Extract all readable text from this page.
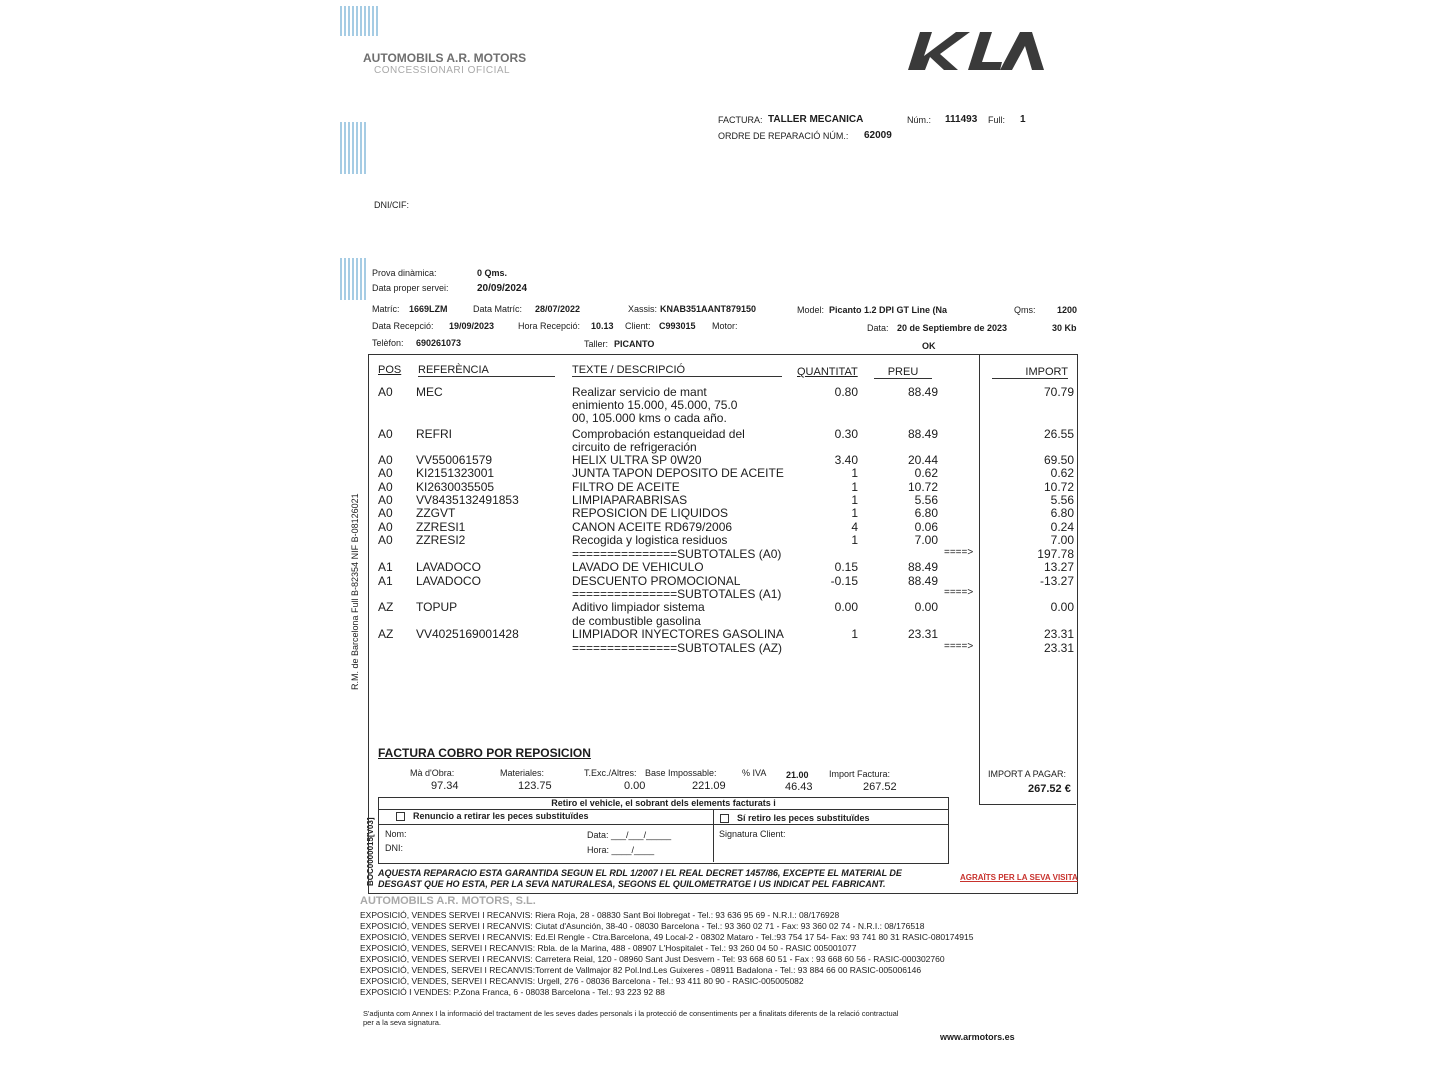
AUTOMOBILS A.R. MOTORS
CONCESSIONARI OFICIAL
FACTURA: TALLER MECANICA	Núm.: 111493 Full: 1
ORDRE DE REPARACIÓ NÚM.: 62009
DNI/CIF:
Prova dinàmica:	0 Qms.
Data proper servei:	20/09/2024
Matríc: 1669LZM	Data Matríc: 28/07/2022	Xassis: KNAB351AANT879150	Model: Picanto 1.2 DPI GT Line (Na	Qms: 1200
Data Recepció: 19/09/2023	Hora Recepció: 10.13 Client: C993015 Motor:	Data: 20 de Septiembre de 2023	30 Kb
Telèfon: 690261073	Taller: PICANTO	OK
R.M. de Barcelona Full B-82354 NIF B-08126021
BOC0000015[V03]
POS REFERÈNCIA	TEXTE / DESCRIPCIÓ	QUANTITAT	PREU	IMPORT
A0 MEC	Realizar servicio de mant	0.80	88.49	70.79
enimiento 15.000, 45.000, 75.0
00, 105.000 kms o cada año.
A0 REFRI	Comprobación estanqueidad del	0.30	88.49	26.55
circuito de refrigeración
A0 VV550061579	HELIX ULTRA SP 0W20	3.40	20.44	69.50
A0 KI2151323001	JUNTA TAPON DEPOSITO DE ACEITE	1	0.62	0.62
A0 KI2630035505	FILTRO DE ACEITE	1	10.72	10.72
A0 VV8435132491853	LIMPIAPARABRISAS	1	5.56	5.56
A0 ZZGVT	REPOSICION DE LIQUIDOS	1	6.80	6.80
A0 ZZRESI1	CANON ACEITE RD679/2006	4	0.06	0.24
A0 ZZRESI2	Recogida y logistica residuos	1	7.00	7.00
===============SUBTOTALES (A0)	====>	197.78
A1 LAVADOCO	LAVADO DE VEHICULO	0.15	88.49	13.27
A1 LAVADOCO	DESCUENTO PROMOCIONAL	-0.15	88.49	-13.27
===============SUBTOTALES (A1)	====>
AZ TOPUP	Aditivo limpiador sistema	0.00	0.00	0.00
de combustible gasolina
AZ VV4025169001428	LIMPIADOR INYECTORES GASOLINA	1	23.31	23.31
===============SUBTOTALES (AZ)	====>	23.31
FACTURA COBRO POR REPOSICION
Mà d'Obra:
97.34
Materiales:
123.75
T.Exc./Altres:
0.00
Base Impossable:
221.09
% IVA 21.00
46.43
Import Factura:
267.52
IMPORT A PAGAR:
267.52 €
Retiro el vehicle, el sobrant dels elements facturats i
Renuncio a retirar les peces substituïdes	Sí retiro les peces substituïdes
Nom:
DNI:
Data: ___/___/_____
Hora: ____/____
Signatura Client:
AQUESTA REPARACIO ESTA GARANTIDA SEGUN EL RDL 1/2007 I EL REAL DECRET 1457/86, EXCEPTE EL MATERIAL DE
DESGAST QUE HO ESTA, PER LA SEVA NATURALESA, SEGONS EL QUILOMETRATGE I US INDICAT PEL FABRICANT.
AGRAÏTS PER LA SEVA VISITA
AUTOMOBILS A.R. MOTORS, S.L.
EXPOSICIÓ, VENDES SERVEI I RECANVIS: Riera Roja, 28 - 08830 Sant Boi llobregat - Tel.: 93 636 95 69 - N.R.I.: 08/176928
EXPOSICIÓ, VENDES SERVEI I RECANVIS: Ciutat d'Asunción, 38-40 - 08030 Barcelona - Tel.: 93 360 02 71 - Fax: 93 360 02 74 - N.R.I.: 08/176518
EXPOSICIÓ, VENDES SERVEI I RECANVIS: Ed.El Rengle - Ctra.Barcelona, 49 Local-2 - 08302 Mataro - Tel.:93 754 17 54- Fax: 93 741 80 31 RASIC-080174915
EXPOSICIÓ, VENDES, SERVEI I RECANVIS: Rbla. de la Marina, 488 - 08907 L'Hospitalet - Tel.: 93 260 04 50 - RASIC 005001077
EXPOSICIÓ, VENDES SERVEI I RECANVIS: Carretera Reial, 120 - 08960 Sant Just Desvern - Tel: 93 668 60 51 - Fax : 93 668 60 56 - RASIC-000302760
EXPOSICIÓ, VENDES, SERVEI I RECANVIS:Torrent de Vallmajor 82 Pol.Ind.Les Guixeres - 08911 Badalona - Tel.: 93 884 66 00 RASIC-005006146
EXPOSICIÓ, VENDES, SERVEI I RECANVIS: Urgell, 276 - 08036 Barcelona - Tel.: 93 411 80 90 - RASIC-005005082
EXPOSICIÓ I VENDES: P.Zona Franca, 6 - 08038 Barcelona - Tel.: 93 223 92 88
S'adjunta com Annex I la informació del tractament de les seves dades personals i la protecció de consentiments per a finalitats diferents de la relació contractual
per a la seva signatura.
www.armotors.es
